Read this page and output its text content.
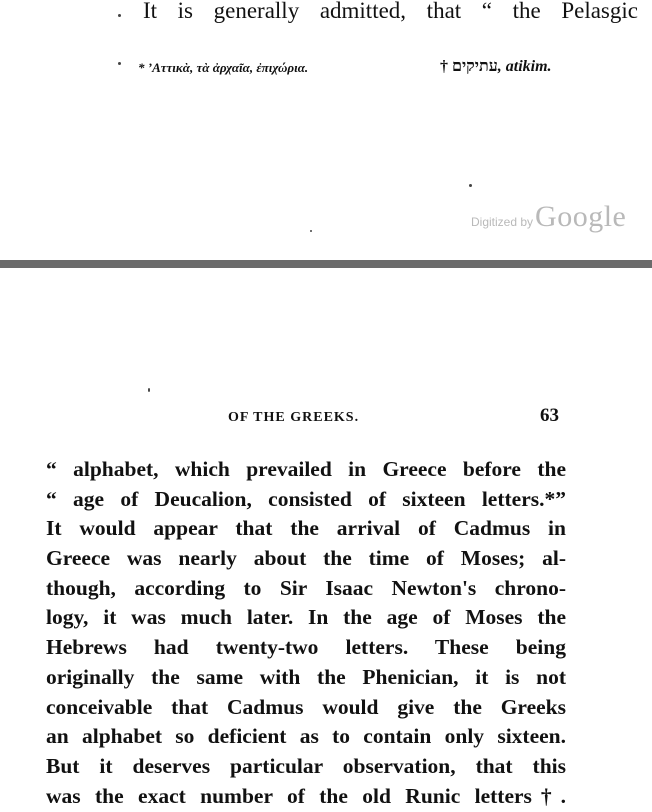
It is generally admitted, that “ the Pelasgic
* ’Αττικὰ, τὰ ἀρχαῖα, ἐπιχώρια.	† עתיקים, atikim.
Digitized by Google
OF THE GREEKS.	63
“ alphabet, which prevailed in Greece before the
“ age of Deucalion, consisted of sixteen letters.*”
It would appear that the arrival of Cadmus in
Greece was nearly about the time of Moses; al-
though, according to Sir Isaac Newton's chrono-
logy, it was much later. In the age of Moses the
Hebrews had twenty-two letters. These being
originally the same with the Phenician, it is not
conceivable that Cadmus would give the Greeks
an alphabet so deficient as to contain only sixteen.
But it deserves particular observation, that this
was the exact number of the old Runic letters†.
